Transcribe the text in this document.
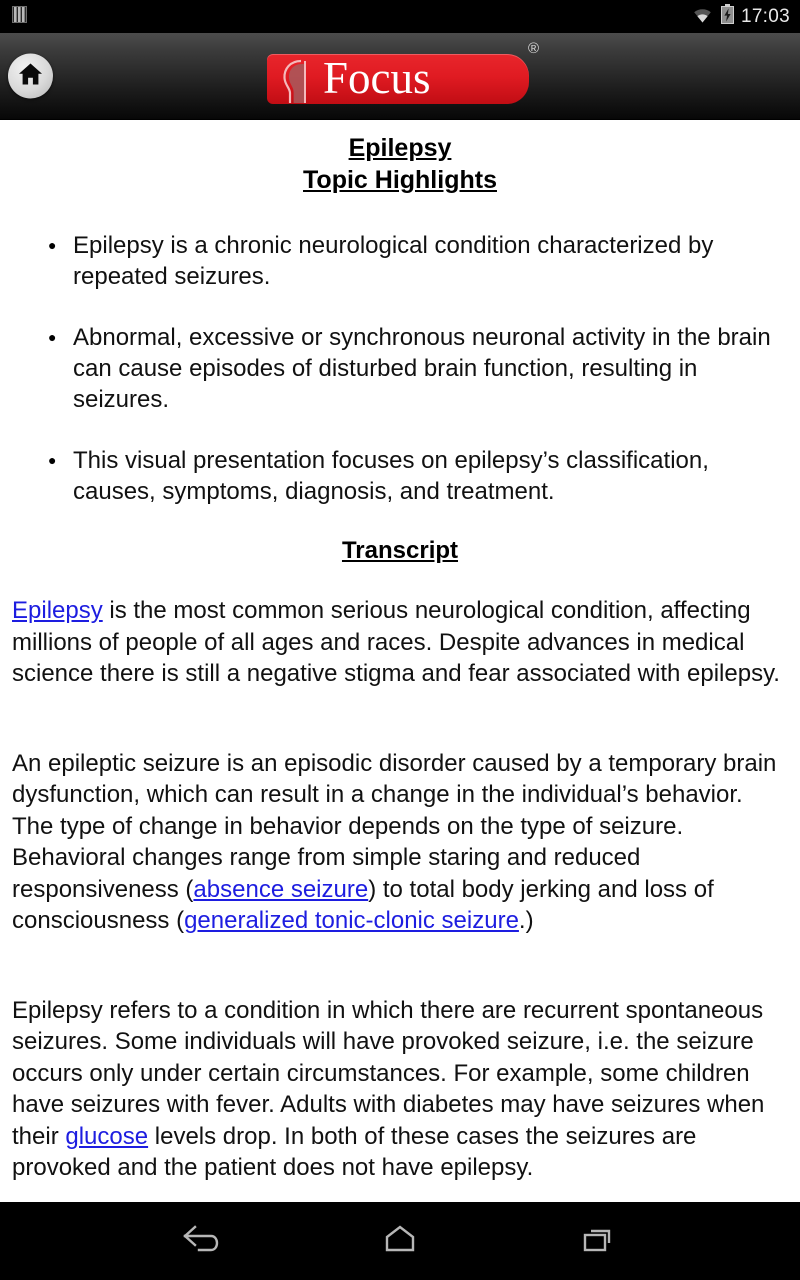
17:03
Focus
®
Epilepsy
Topic Highlights
● Epilepsy is a chronic neurological condition characterized by repeated seizures.
● Abnormal, excessive or synchronous neuronal activity in the brain can cause episodes of disturbed brain function, resulting in seizures.
● This visual presentation focuses on epilepsy’s classification, causes, symptoms, diagnosis, and treatment.
Transcript

Epilepsy is the most common serious neurological condition, affecting millions of people of all ages and races. Despite advances in medical science there is still a negative stigma and fear associated with epilepsy.

An epileptic seizure is an episodic disorder caused by a temporary brain dysfunction, which can result in a change in the individual’s behavior. The type of change in behavior depends on the type of seizure. Behavioral changes range from simple staring and reduced responsiveness (absence seizure) to total body jerking and loss of consciousness (generalized tonic-clonic seizure.)

Epilepsy refers to a condition in which there are recurrent spontaneous seizures. Some individuals will have provoked seizure, i.e. the seizure occurs only under certain circumstances. For example, some children have seizures with fever. Adults with diabetes may have seizures when their glucose levels drop. In both of these cases the seizures are provoked and the patient does not have epilepsy.
